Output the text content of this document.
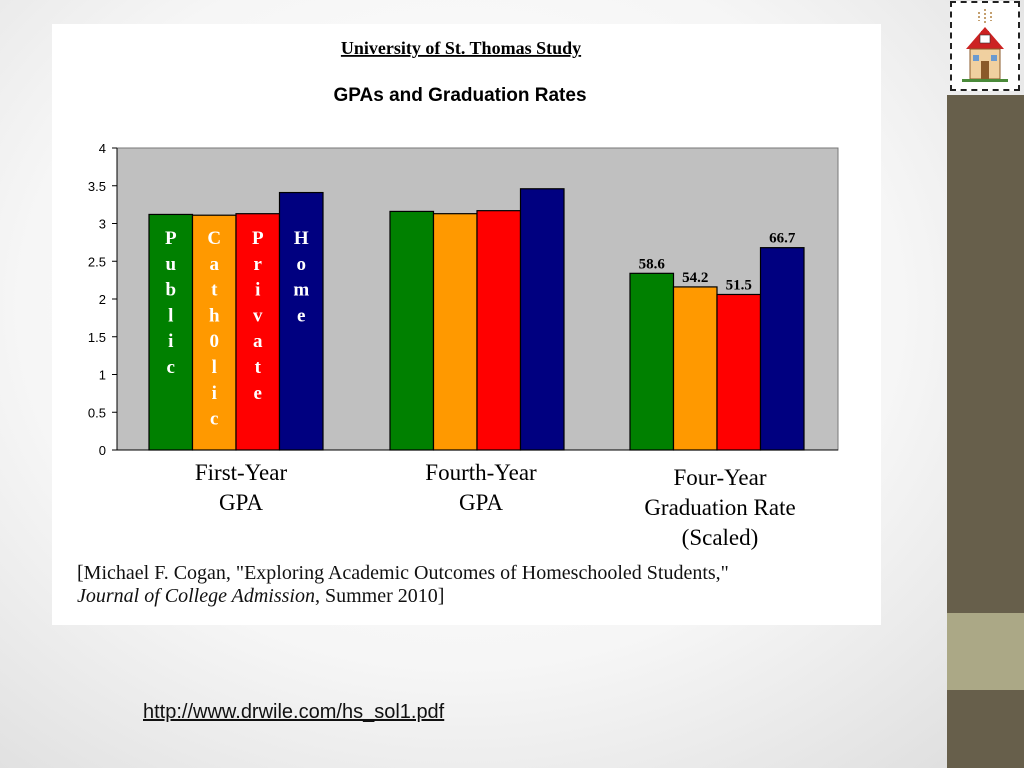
University of St. Thomas Study
GPAs and Graduation Rates
0
0.5
1
1.5
2
2.5
3
3.5
4
58.6
P
u
b
l
i
c
54.2
C
a
t
h
0
l
i
c
51.5
P
r
i
v
a
t
e
66.7
H
o
m
e
First-Year
GPA
Fourth-Year
GPA
Four-Year
Graduation Rate
(Scaled)
[Michael F. Cogan, "Exploring Academic Outcomes of Homeschooled Students,"
Journal of College Admission, Summer 2010]
http://www.drwile.com/hs_sol1.pdf
